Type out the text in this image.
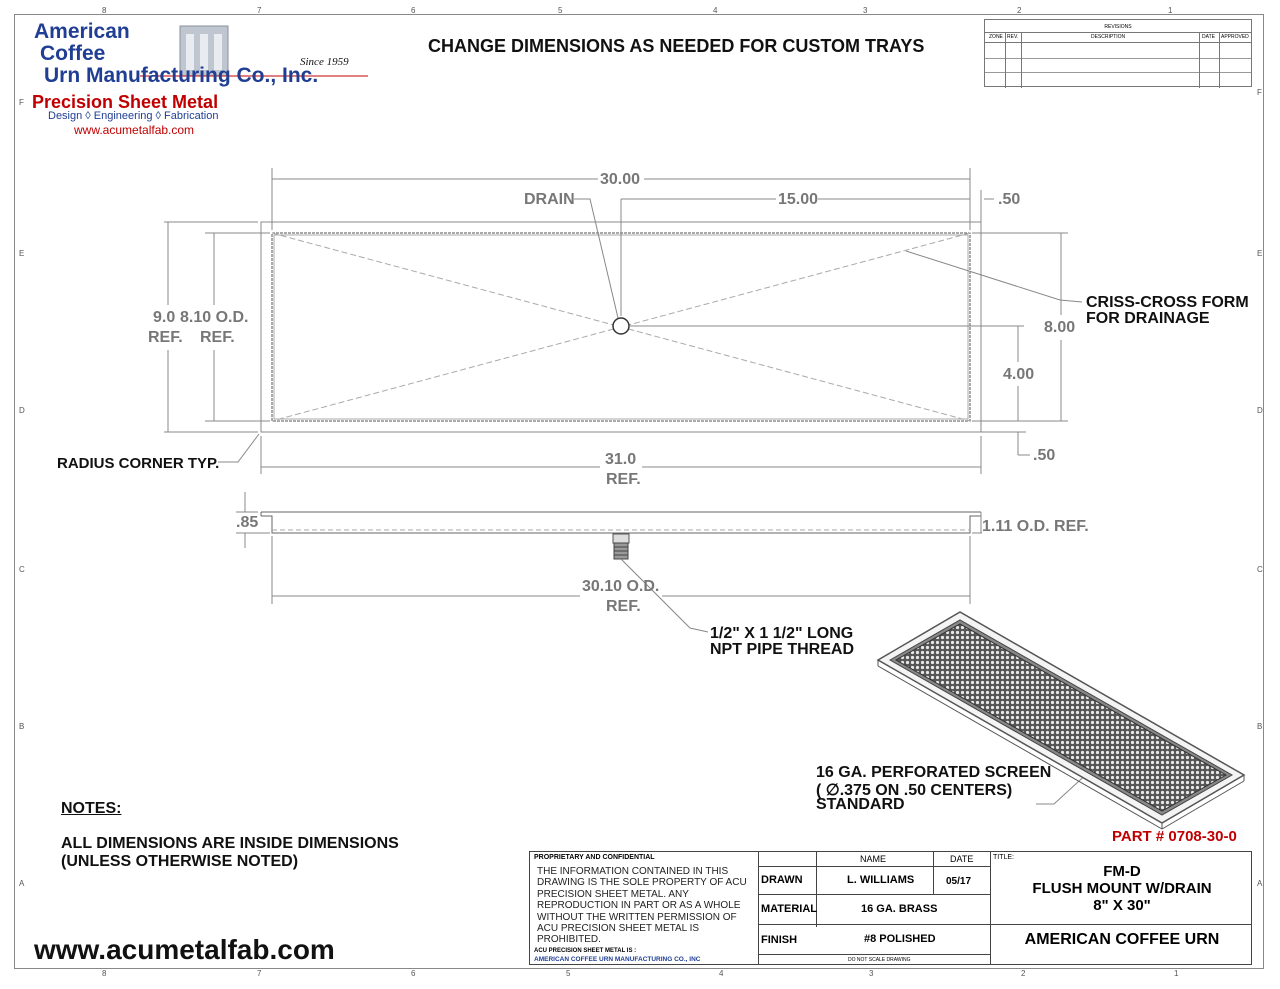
8	7	6	5	4	3	2	1
8	7	6	5	4	3	2	1
F
E
D
C
B
A
F
E
D
C
B
A
American
Coffee
Urn Manufacturing Co., Inc.
Since 1959
Precision Sheet Metal
Design ◊ Engineering ◊ Fabrication
www.acumetalfab.com
CHANGE DIMENSIONS AS NEEDED FOR CUSTOM TRAYS
REVISIONS
ZONE REV.	DESCRIPTION	DATE APPROVED
30.00
15.00	.50
DRAIN
9.0
REF.
8.10 O.D.
REF.
8.00
4.00
.50
31.0
REF.
.85	1.11 O.D. REF.
30.10 O.D.
REF.
CRISS-CROSS FORM
FOR DRAINAGE
RADIUS CORNER TYP.
1/2" X 1 1/2" LONG
NPT PIPE THREAD
16 GA. PERFORATED SCREEN
( ∅.375 ON .50 CENTERS)
STANDARD
NOTES:
ALL DIMENSIONS ARE INSIDE DIMENSIONS
(UNLESS OTHERWISE NOTED)
PART # 0708-30-0
PROPRIETARY AND CONFIDENTIAL
THE INFORMATION CONTAINED IN THIS DRAWING IS THE SOLE PROPERTY OF ACU PRECISION SHEET METAL. ANY REPRODUCTION IN PART OR AS A WHOLE WITHOUT THE WRITTEN PERMISSION OF ACU PRECISION SHEET METAL IS PROHIBITED.
ACU PRECISION SHEET METAL IS :
AMERICAN COFFEE URN MANUFACTURING CO., INC
NAME	DATE
DRAWN	L. WILLIAMS	05/17
MATERIAL	16 GA. BRASS
FINISH	#8 POLISHED
DO NOT SCALE DRAWING
TITLE:
FM-D
FLUSH MOUNT W/DRAIN
8" X 30"
AMERICAN COFFEE URN
www.acumetalfab.com
